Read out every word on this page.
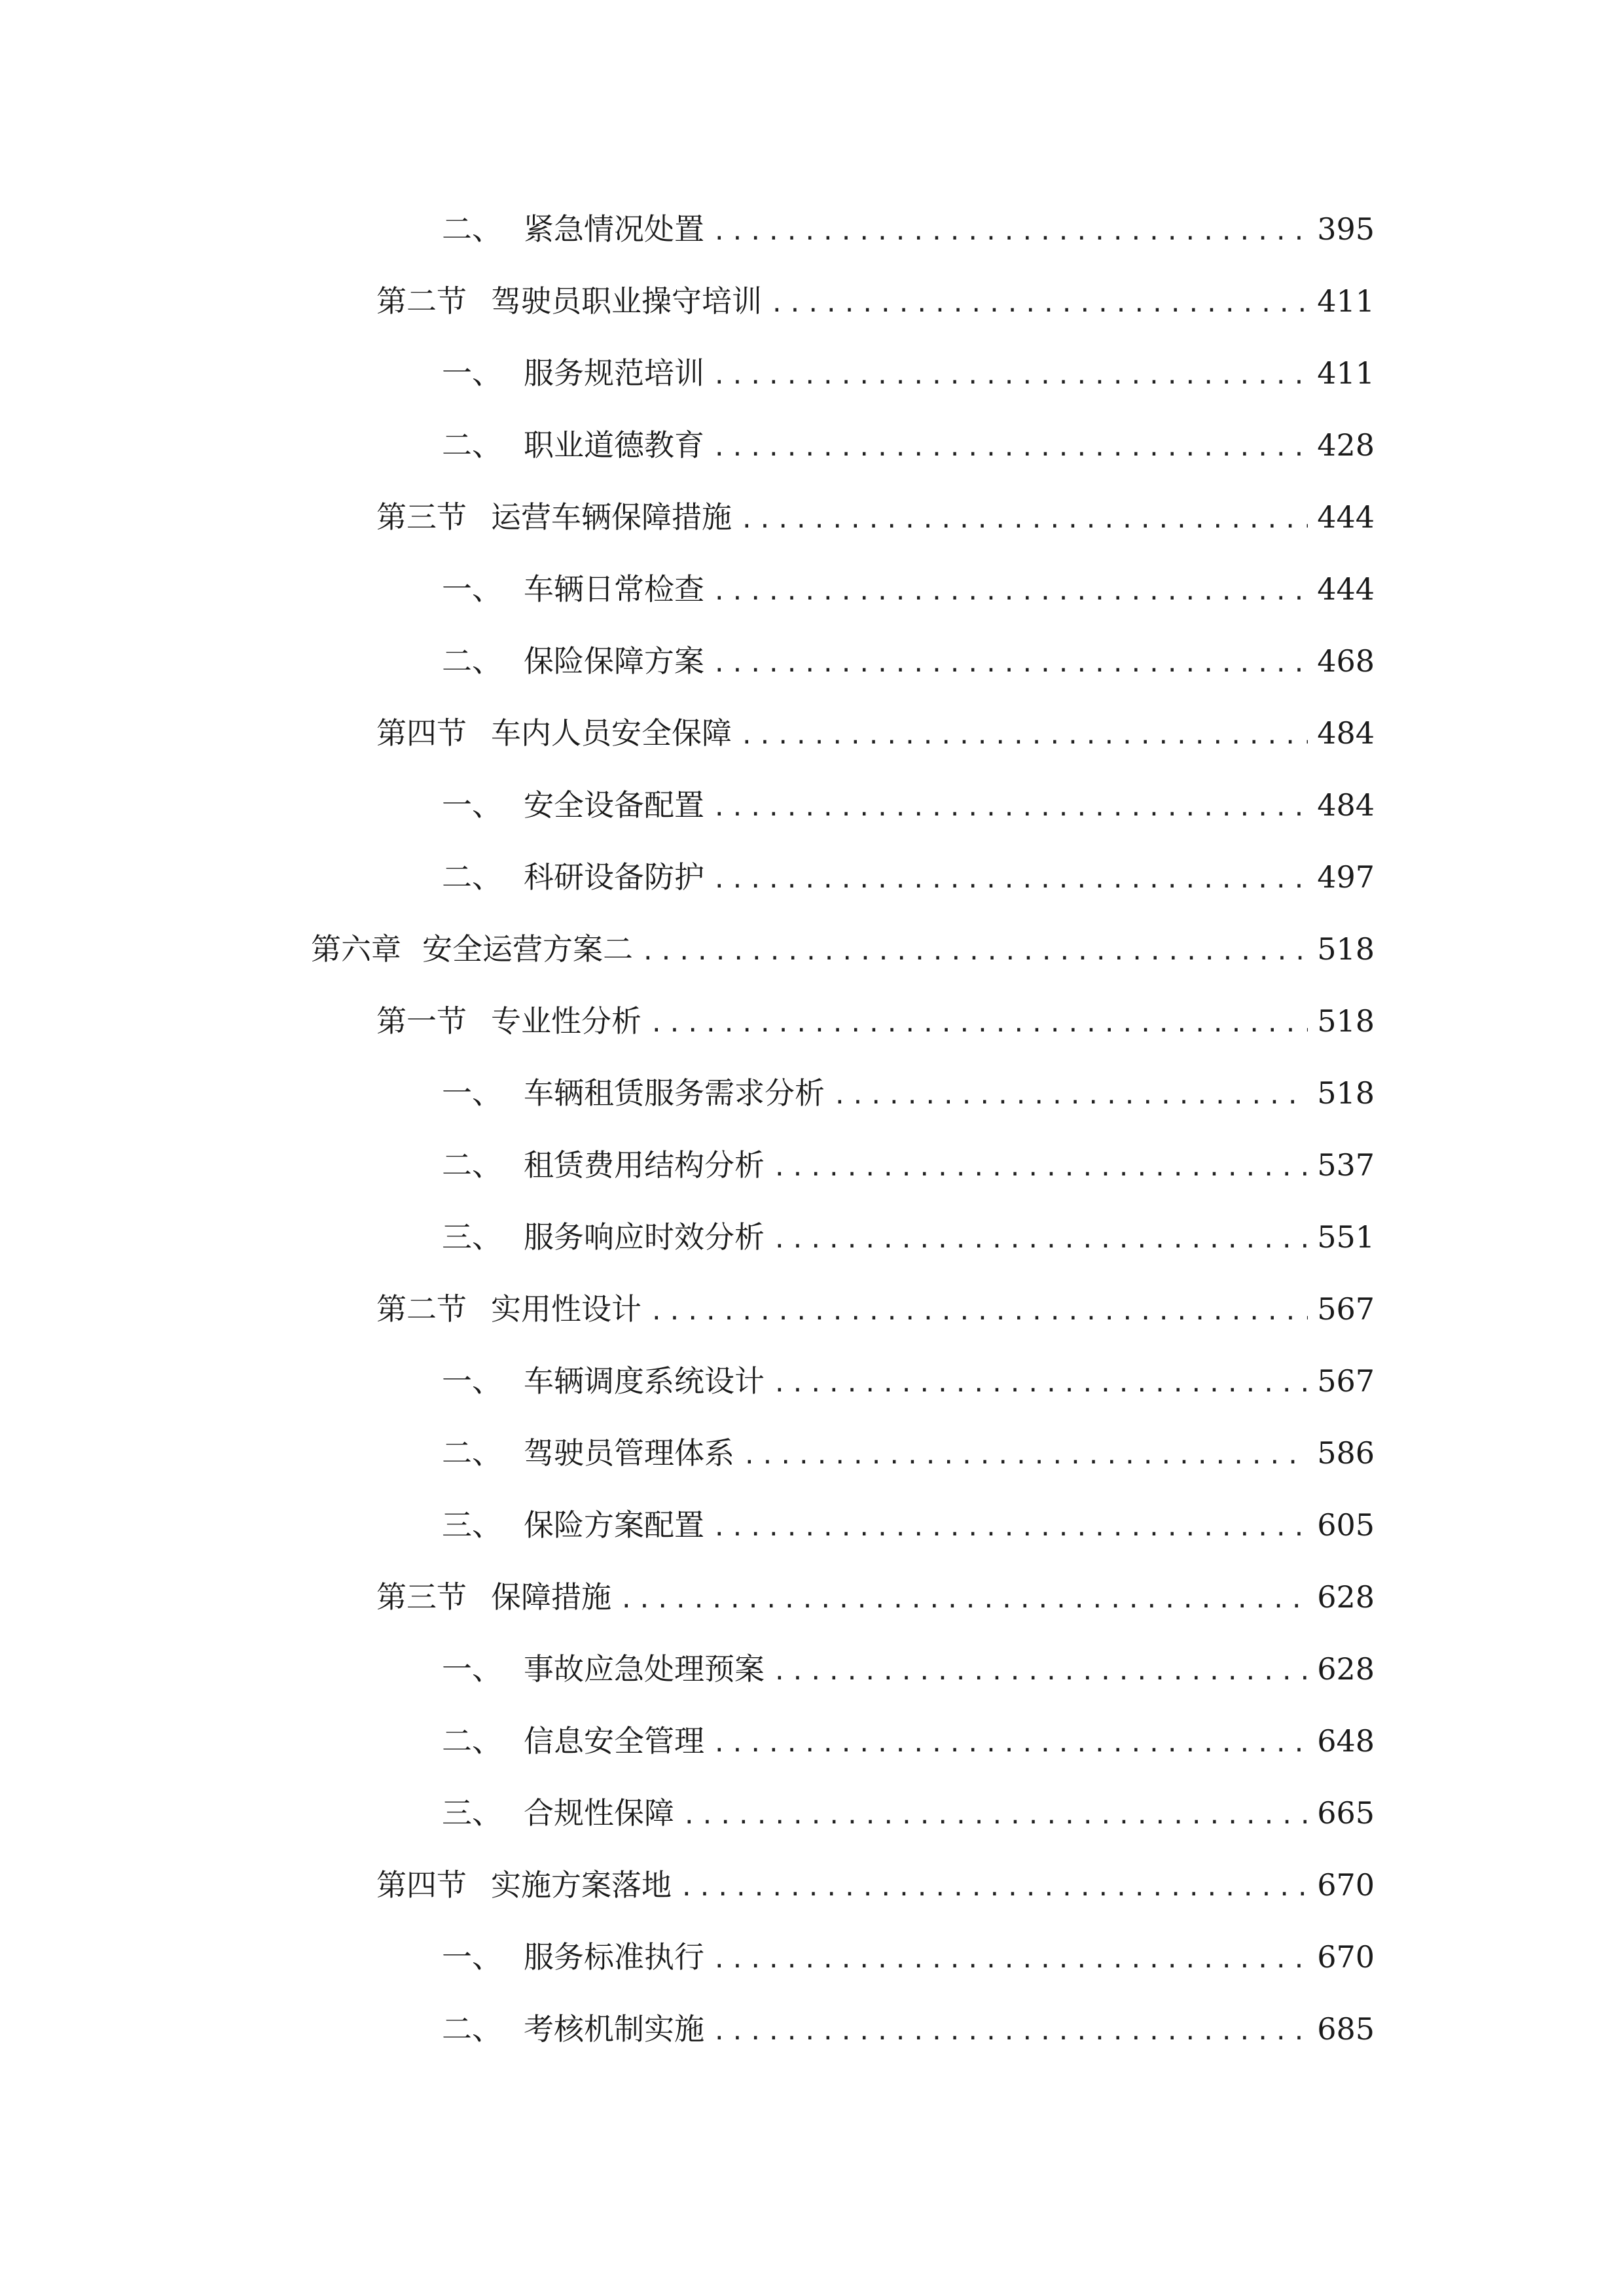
二、 紧急情况处置 .....	395
第二节 驾驶员职业操守培训 .....	411
一、 服务规范培训 .....	411
二、 职业道德教育 .....	428
第三节 运营车辆保障措施 .....	444
一、 车辆日常检查 .....	444
二、 保险保障方案 .....	468
第四节 车内人员安全保障 .....	484
一、 安全设备配置 .....	484
二、 科研设备防护 .....	497
第六章 安全运营方案二 .....	518
第一节 专业性分析 .....	518
一、 车辆租赁服务需求分析 .....	518
二、 租赁费用结构分析 .....	537
三、 服务响应时效分析 .....	551
第二节 实用性设计 .....	567
一、 车辆调度系统设计 .....	567
二、 驾驶员管理体系 .....	586
三、 保险方案配置 .....	605
第三节 保障措施 .....	628
一、 事故应急处理预案 .....	628
二、 信息安全管理 .....	648
三、 合规性保障 .....	665
第四节 实施方案落地 .....	670
一、 服务标准执行 .....	670
二、 考核机制实施 .....	685
